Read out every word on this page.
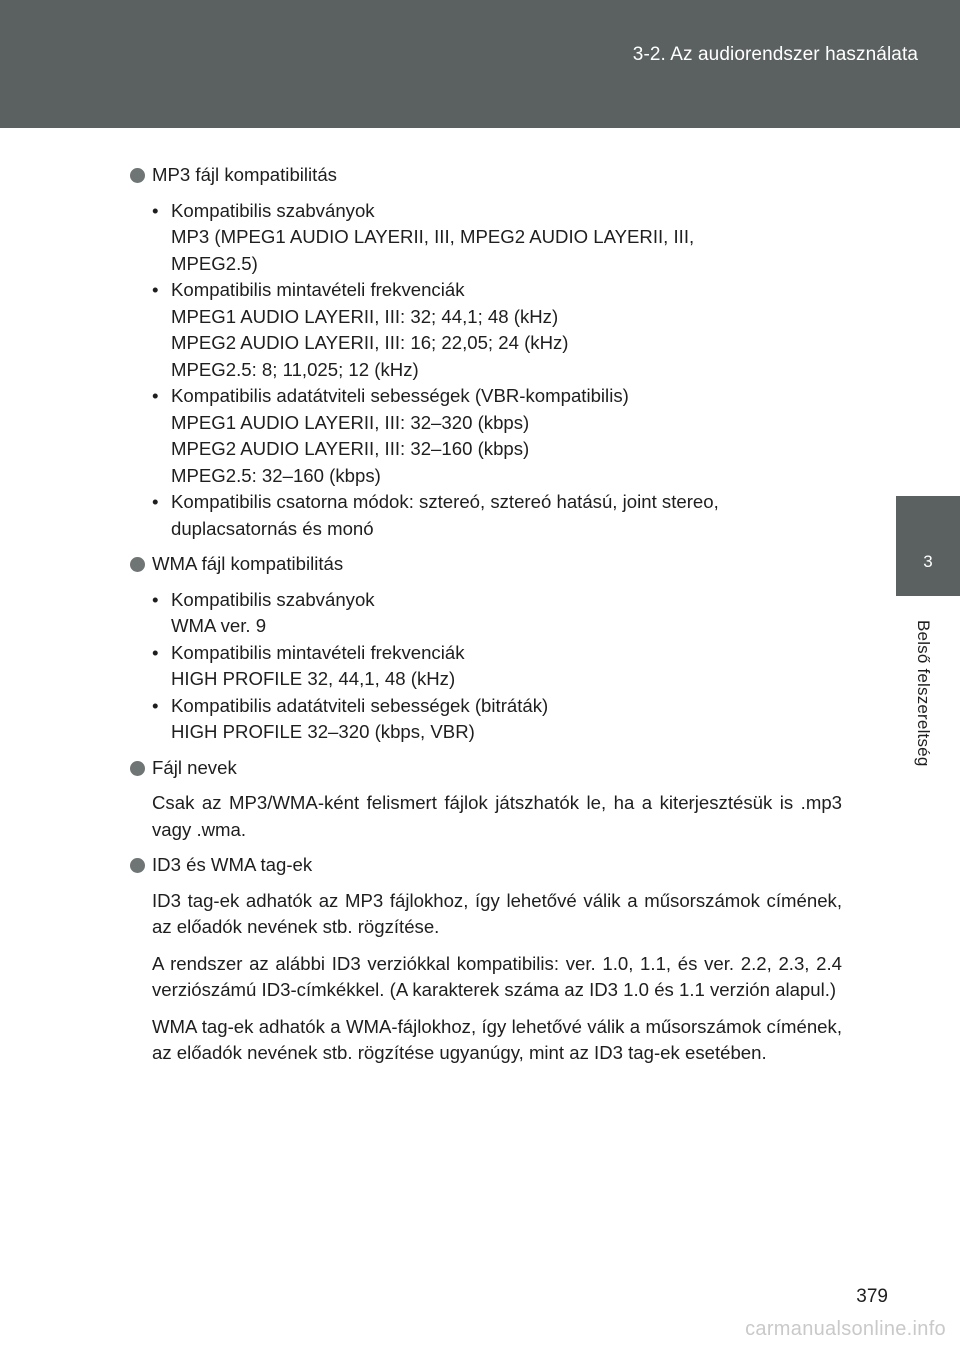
3-2. Az audiorendszer használata
3
Belső felszereltség
MP3 fájl kompatibilitás
• Kompatibilis szabványok
MP3 (MPEG1 AUDIO LAYERII, III, MPEG2 AUDIO LAYERII, III,
MPEG2.5)
• Kompatibilis mintavételi frekvenciák
MPEG1 AUDIO LAYERII, III: 32; 44,1; 48 (kHz)
MPEG2 AUDIO LAYERII, III: 16; 22,05; 24 (kHz)
MPEG2.5: 8; 11,025; 12 (kHz)
• Kompatibilis adatátviteli sebességek (VBR-kompatibilis)
MPEG1 AUDIO LAYERII, III: 32–320 (kbps)
MPEG2 AUDIO LAYERII, III: 32–160 (kbps)
MPEG2.5: 32–160 (kbps)
• Kompatibilis csatorna módok: sztereó, sztereó hatású, joint stereo,
duplacsatornás és monó
WMA fájl kompatibilitás
• Kompatibilis szabványok
WMA ver. 9
• Kompatibilis mintavételi frekvenciák
HIGH PROFILE 32, 44,1, 48 (kHz)
• Kompatibilis adatátviteli sebességek (bitráták)
HIGH PROFILE 32–320 (kbps, VBR)
Fájl nevek

Csak az MP3/WMA-ként felismert fájlok játszhatók le, ha a kiterjesztésük is .mp3 vagy .wma.

ID3 és WMA tag-ek

ID3 tag-ek adhatók az MP3 fájlokhoz, így lehetővé válik a műsorszámok címének, az előadók nevének stb. rögzítése.

A rendszer az alábbi ID3 verziókkal kompatibilis: ver. 1.0, 1.1, és ver. 2.2, 2.3, 2.4 verziószámú ID3-címkékkel. (A karakterek száma az ID3 1.0 és 1.1 verzión alapul.)

WMA tag-ek adhatók a WMA-fájlokhoz, így lehetővé válik a műsorszámok címének, az előadók nevének stb. rögzítése ugyanúgy, mint az ID3 tag-ek esetében.

379
carmanualsonline.info
